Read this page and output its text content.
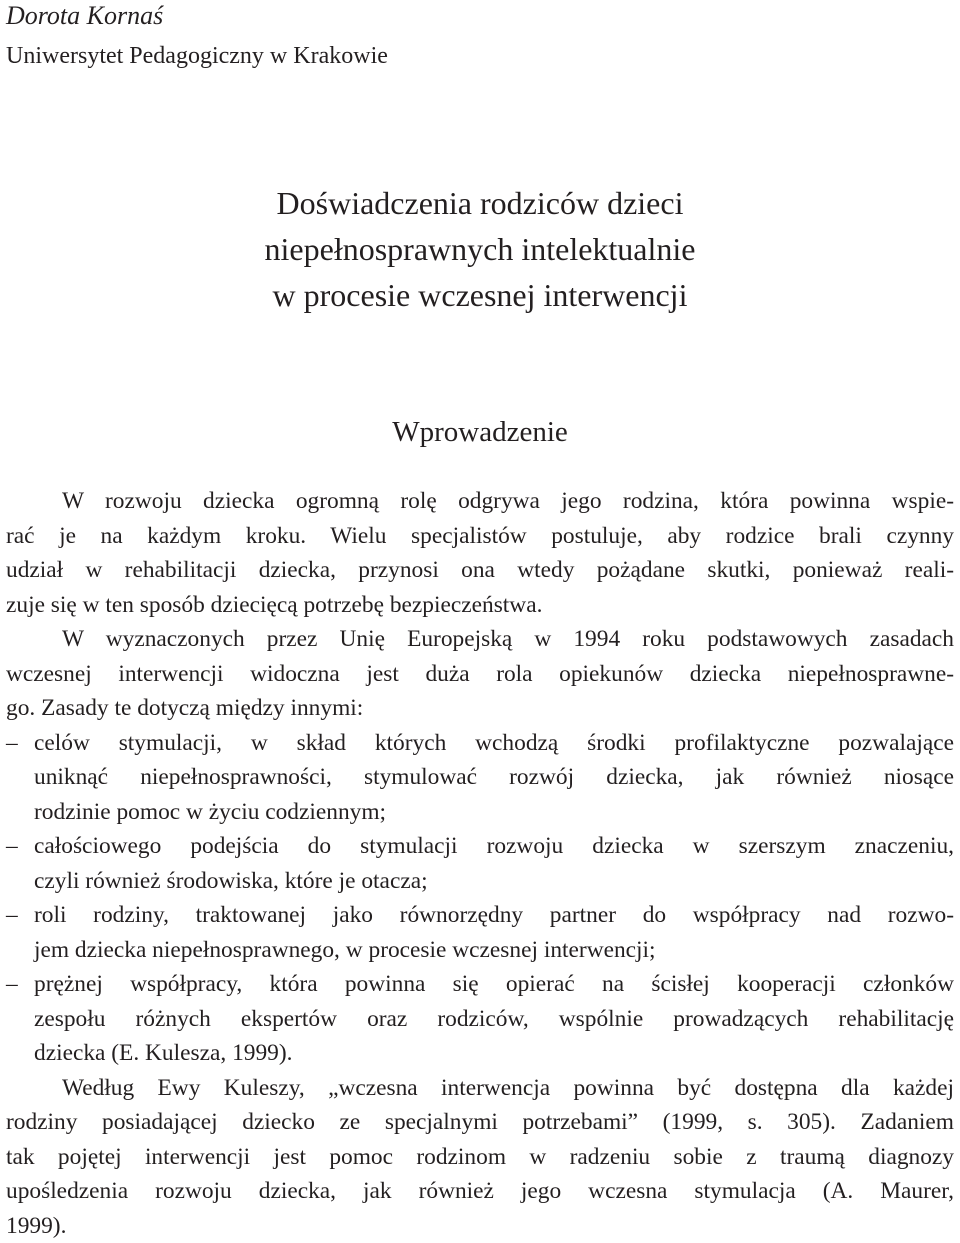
Dorota Kornaś
Uniwersytet Pedagogiczny w Krakowie
Doświadczenia rodziców dzieci
niepełnosprawnych intelektualnie
w procesie wczesnej interwencji
Wprowadzenie
W rozwoju dziecka ogromną rolę odgrywa jego rodzina, która powinna wspie-
rać je na każdym kroku. Wielu specjalistów postuluje, aby rodzice brali czynny
udział w rehabilitacji dziecka, przynosi ona wtedy pożądane skutki, ponieważ reali-
zuje się w ten sposób dziecięcą potrzebę bezpieczeństwa.
W wyznaczonych przez Unię Europejską w 1994 roku podstawowych zasadach
wczesnej interwencji widoczna jest duża rola opiekunów dziecka niepełnosprawne-
go. Zasady te dotyczą między innymi:
– celów stymulacji, w skład których wchodzą środki profilaktyczne pozwalające
uniknąć niepełnosprawności, stymulować rozwój dziecka, jak również niosące
rodzinie pomoc w życiu codziennym;
– całościowego podejścia do stymulacji rozwoju dziecka w szerszym znaczeniu,
czyli również środowiska, które je otacza;
– roli rodziny, traktowanej jako równorzędny partner do współpracy nad rozwo-
jem dziecka niepełnosprawnego, w procesie wczesnej interwencji;
– prężnej współpracy, która powinna się opierać na ścisłej kooperacji członków
zespołu różnych ekspertów oraz rodziców, wspólnie prowadzących rehabilitację
dziecka (E. Kulesza, 1999).
Według Ewy Kuleszy, „wczesna interwencja powinna być dostępna dla każdej
rodziny posiadającej dziecko ze specjalnymi potrzebami” (1999, s. 305). Zadaniem
tak pojętej interwencji jest pomoc rodzinom w radzeniu sobie z traumą diagnozy
upośledzenia rozwoju dziecka, jak również jego wczesna stymulacja (A. Maurer,
1999).
